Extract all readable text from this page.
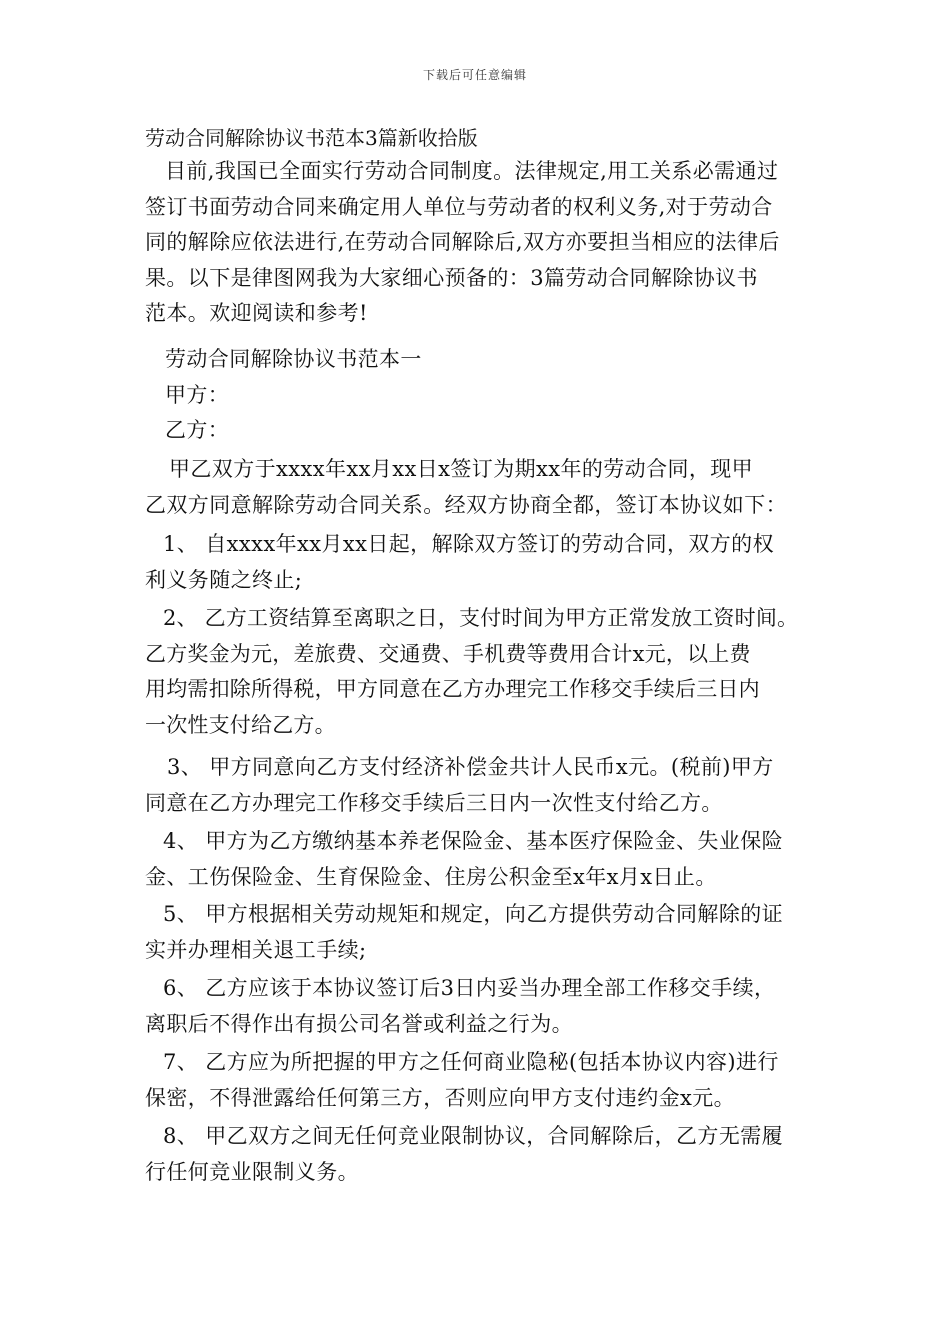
下载后可任意编辑
劳动合同解除协议书范本3篇新收拾版
目前,我国已全面实行劳动合同制度。法律规定,用工关系必需通过
签订书面劳动合同来确定用人单位与劳动者的权利义务,对于劳动合
同的解除应依法进行,在劳动合同解除后,双方亦要担当相应的法律后
果。以下是律图网我为大家细心预备的：3篇劳动合同解除协议书
范本。欢迎阅读和参考!
劳动合同解除协议书范本一
甲方：
乙方：
甲乙双方于xxxx年xx月xx日x签订为期xx年的劳动合同，现甲
乙双方同意解除劳动合同关系。经双方协商全都，签订本协议如下：
1、 自xxxx年xx月xx日起，解除双方签订的劳动合同，双方的权
利义务随之终止;
2、 乙方工资结算至离职之日，支付时间为甲方正常发放工资时间。
乙方奖金为元，差旅费、交通费、手机费等费用合计x元，以上费
用均需扣除所得税，甲方同意在乙方办理完工作移交手续后三日内
一次性支付给乙方。
3、 甲方同意向乙方支付经济补偿金共计人民币x元。(税前)甲方
同意在乙方办理完工作移交手续后三日内一次性支付给乙方。
4、 甲方为乙方缴纳基本养老保险金、基本医疗保险金、失业保险
金、工伤保险金、生育保险金、住房公积金至x年x月x日止。
5、 甲方根据相关劳动规矩和规定，向乙方提供劳动合同解除的证
实并办理相关退工手续;
6、 乙方应该于本协议签订后3日内妥当办理全部工作移交手续，
离职后不得作出有损公司名誉或利益之行为。
7、 乙方应为所把握的甲方之任何商业隐秘(包括本协议内容)进行
保密，不得泄露给任何第三方，否则应向甲方支付违约金x元。
8、 甲乙双方之间无任何竞业限制协议，合同解除后，乙方无需履
行任何竞业限制义务。
